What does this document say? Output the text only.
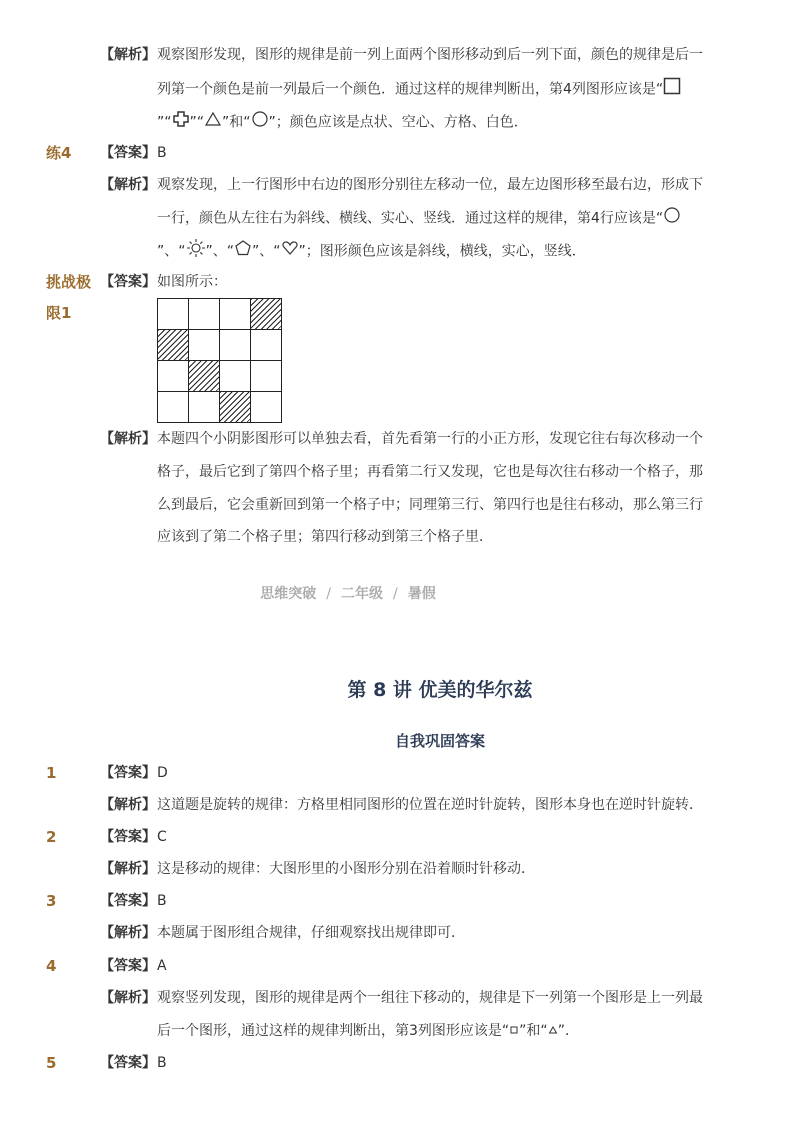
【解析】 观察图形发现，图形的规律是前一列上面两个图形移动到后一列下面，颜色的规律是后一
列第一个颜色是前一列最后一个颜色．通过这样的规律判断出，第4列图形应该是“
”“ ”“ ”和“ ”；颜色应该是点状、空心、方格、白色．
练4 【答案】 B
【解析】 观察发现，上一行图形中右边的图形分别往左移动一位，最左边图形移至最右边，形成下
一行，颜色从左往右为斜线、横线、实心、竖线．通过这样的规律，第4行应该是“
”、“ ”、“ ”、“ ”；图形颜色应该是斜线，横线，实心，竖线．
挑战极
限1
【答案】 如图所示：
【解析】 本题四个小阴影图形可以单独去看，首先看第一行的小正方形，发现它往右每次移动一个
格子，最后它到了第四个格子里；再看第二行又发现，它也是每次往右移动一个格子，那
么到最后，它会重新回到第一个格子中；同理第三行、第四行也是往右移动，那么第三行
应该到了第二个格子里；第四行移动到第三个格子里．
思维突破 / 二年级 / 暑假
第 8 讲 优美的华尔兹
自我巩固答案
1	【答案】 D
【解析】 这道题是旋转的规律：方格里相同图形的位置在逆时针旋转，图形本身也在逆时针旋转．
2	【答案】 C
【解析】 这是移动的规律：大图形里的小图形分别在沿着顺时针移动．
3	【答案】 B
【解析】 本题属于图形组合规律，仔细观察找出规律即可．
4	【答案】 A
【解析】 观察竖列发现，图形的规律是两个一组往下移动的，规律是下一列第一个图形是上一列最
后一个图形，通过这样的规律判断出，第3列图形应该是“ ”和“ ”．
5	【答案】 B
